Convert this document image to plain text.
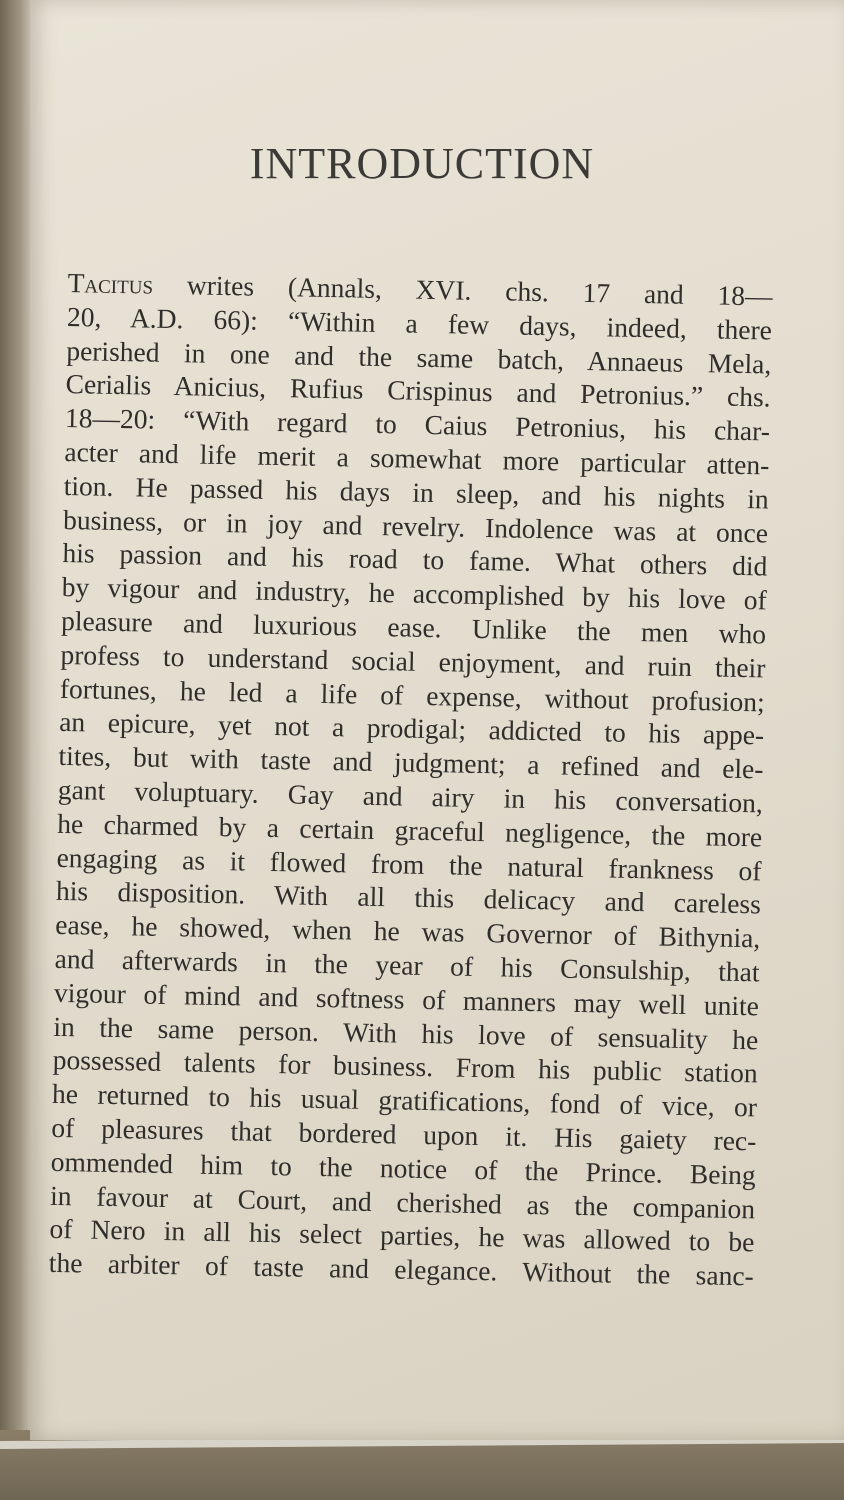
INTRODUCTION
Tacitus writes (Annals, XVI. chs. 17 and 18—
20, A.D. 66): “Within a few days, indeed, there
perished in one and the same batch, Annaeus Mela,
Cerialis Anicius, Rufius Crispinus and Petronius.” chs.
18—20: “With regard to Caius Petronius, his char-
acter and life merit a somewhat more particular atten-
tion. He passed his days in sleep, and his nights in
business, or in joy and revelry. Indolence was at once
his passion and his road to fame. What others did
by vigour and industry, he accomplished by his love of
pleasure and luxurious ease. Unlike the men who
profess to understand social enjoyment, and ruin their
fortunes, he led a life of expense, without profusion;
an epicure, yet not a prodigal; addicted to his appe-
tites, but with taste and judgment; a refined and ele-
gant voluptuary. Gay and airy in his conversation,
he charmed by a certain graceful negligence, the more
engaging as it flowed from the natural frankness of
his disposition. With all this delicacy and careless
ease, he showed, when he was Governor of Bithynia,
and afterwards in the year of his Consulship, that
vigour of mind and softness of manners may well unite
in the same person. With his love of sensuality he
possessed talents for business. From his public station
he returned to his usual gratifications, fond of vice, or
of pleasures that bordered upon it. His gaiety rec-
ommended him to the notice of the Prince. Being
in favour at Court, and cherished as the companion
of Nero in all his select parties, he was allowed to be
the arbiter of taste and elegance. Without the sanc-
